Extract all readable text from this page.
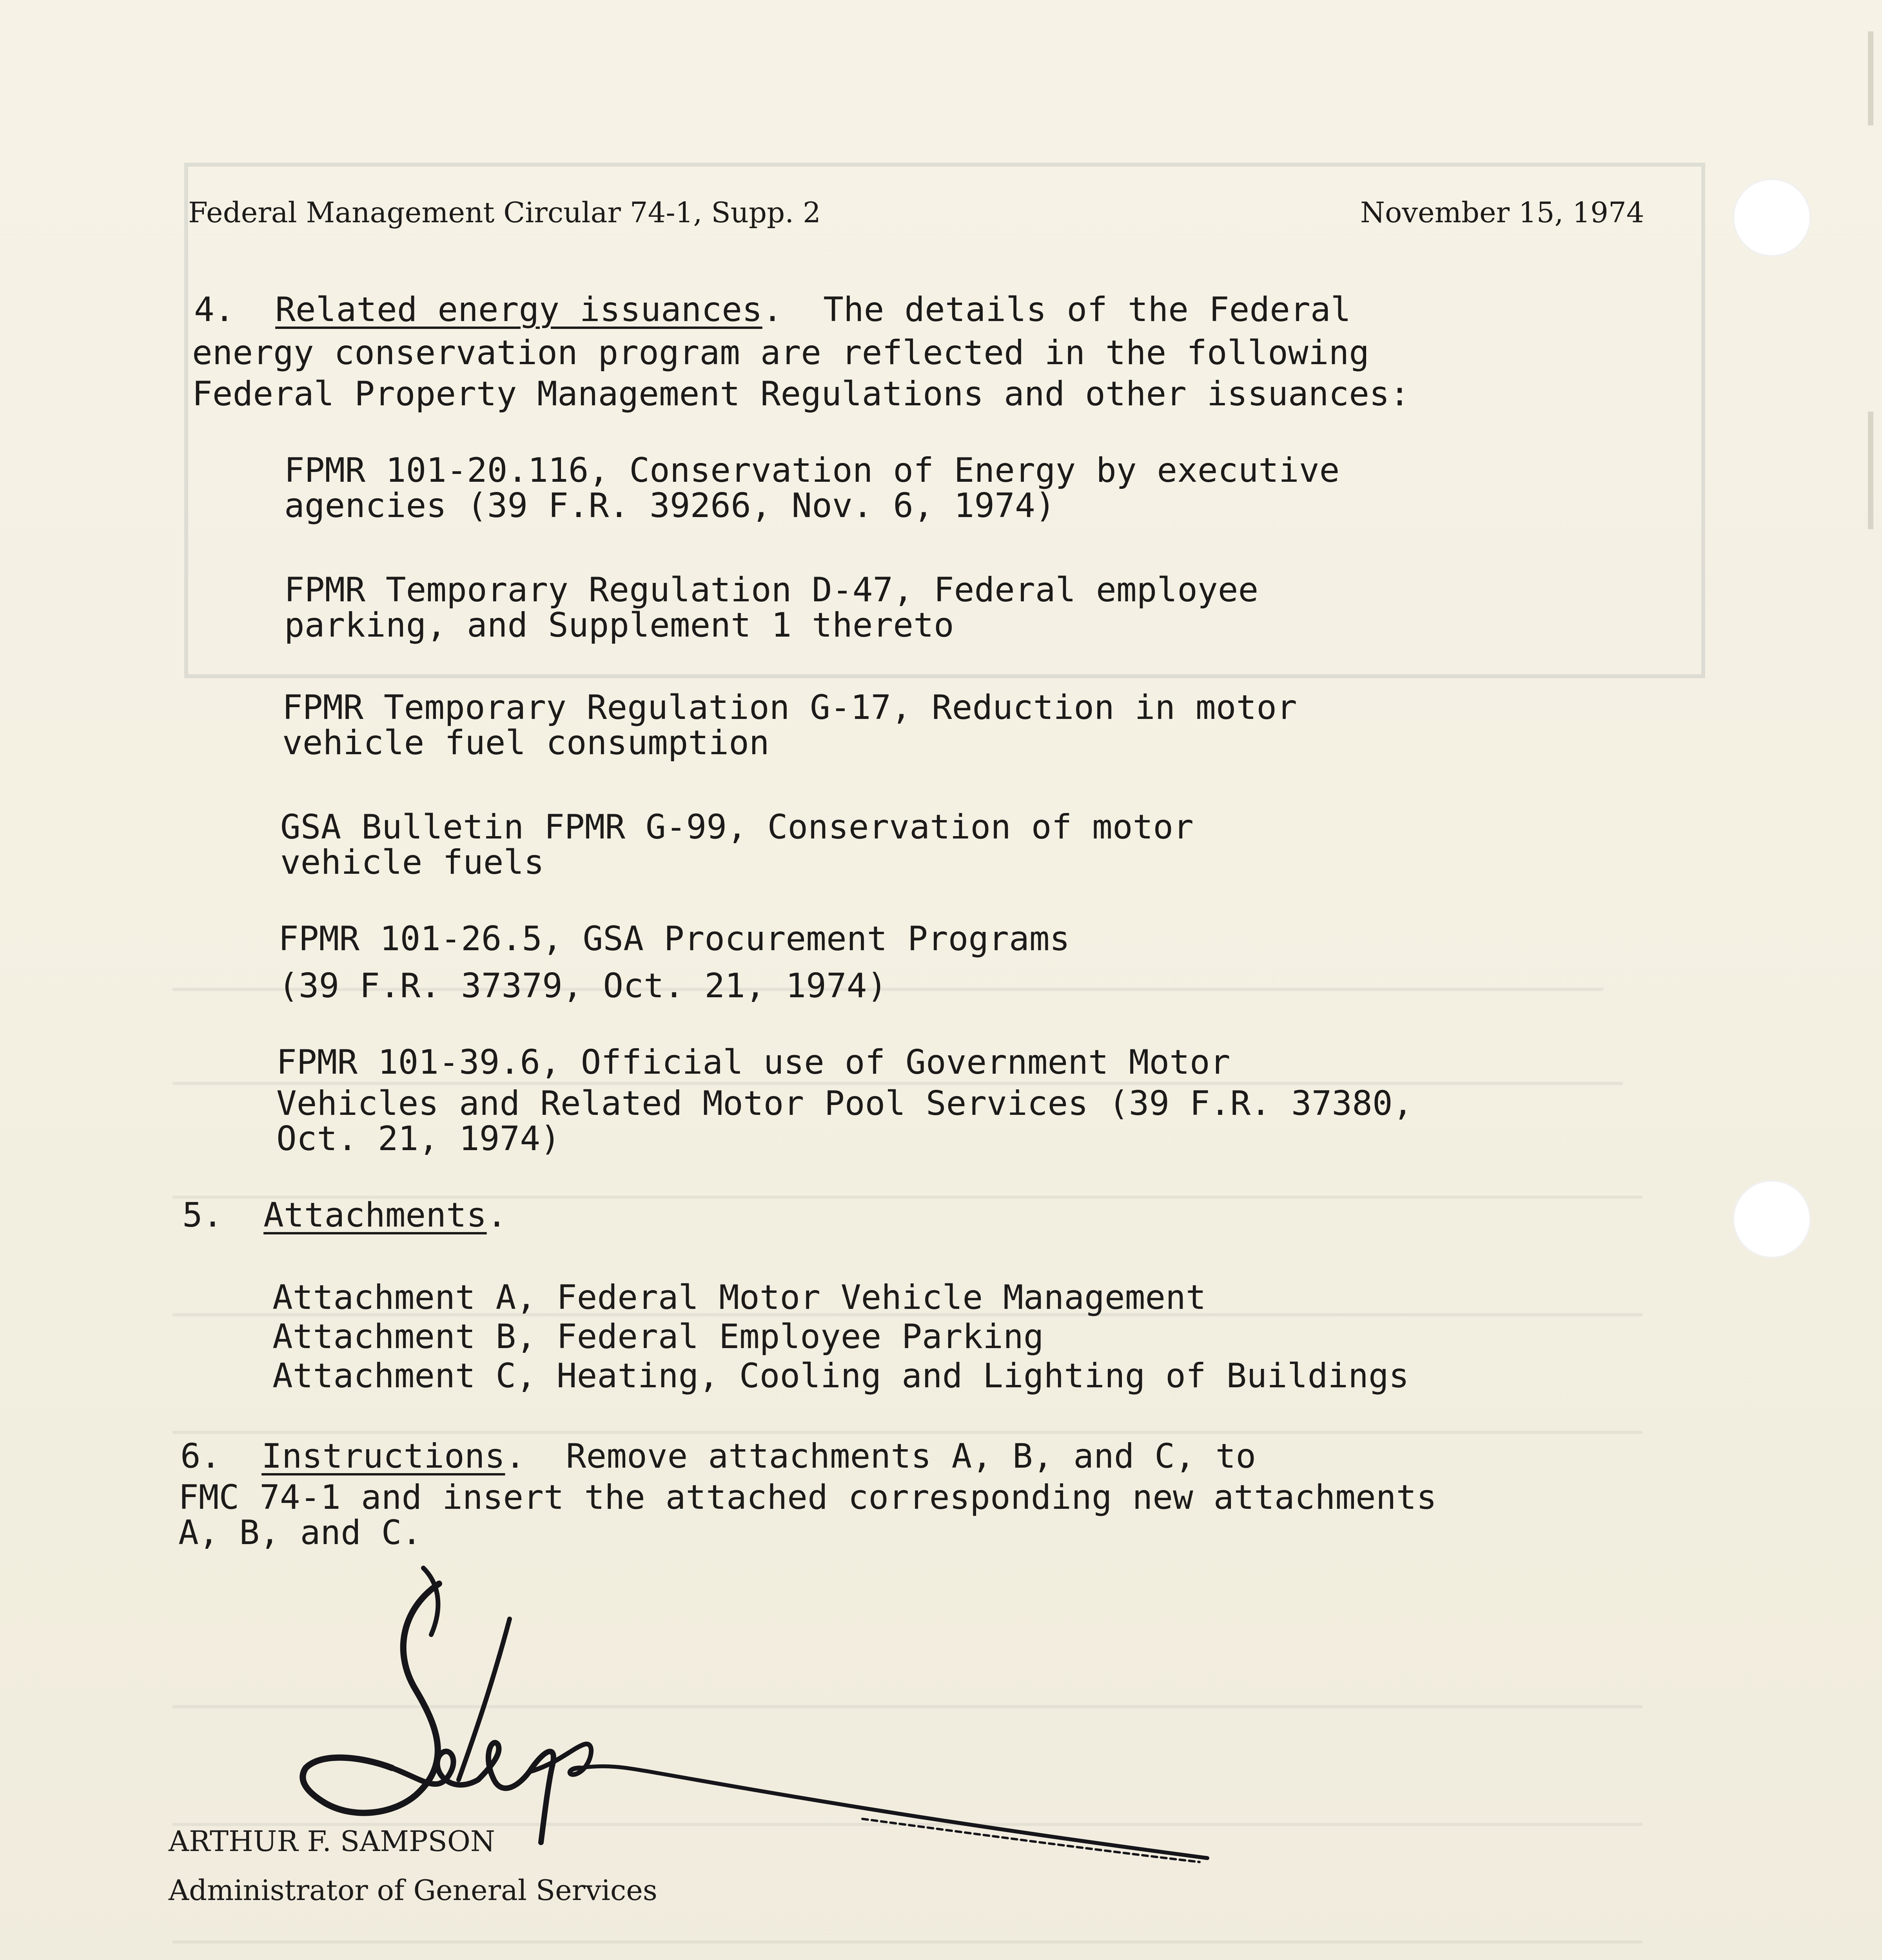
Federal Management Circular 74-1, Supp. 2	November 15, 1974
4. Related energy issuances.  The details of the Federal
energy conservation program are reflected in the following
Federal Property Management Regulations and other issuances:
FPMR 101-20.116, Conservation of Energy by executive
agencies (39 F.R. 39266, Nov. 6, 1974)
FPMR Temporary Regulation D-47, Federal employee
parking, and Supplement 1 thereto
FPMR Temporary Regulation G-17, Reduction in motor
vehicle fuel consumption
GSA Bulletin FPMR G-99, Conservation of motor
vehicle fuels
FPMR 101-26.5, GSA Procurement Programs
(39 F.R. 37379, Oct. 21, 1974)
FPMR 101-39.6, Official use of Government Motor
Vehicles and Related Motor Pool Services (39 F.R. 37380,
Oct. 21, 1974)
5. Attachments.
Attachment A, Federal Motor Vehicle Management
Attachment B, Federal Employee Parking
Attachment C, Heating, Cooling and Lighting of Buildings
6. Instructions.  Remove attachments A, B, and C, to
FMC 74-1 and insert the attached corresponding new attachments
A, B, and C.
ARTHUR F. SAMPSON
Administrator of General Services
